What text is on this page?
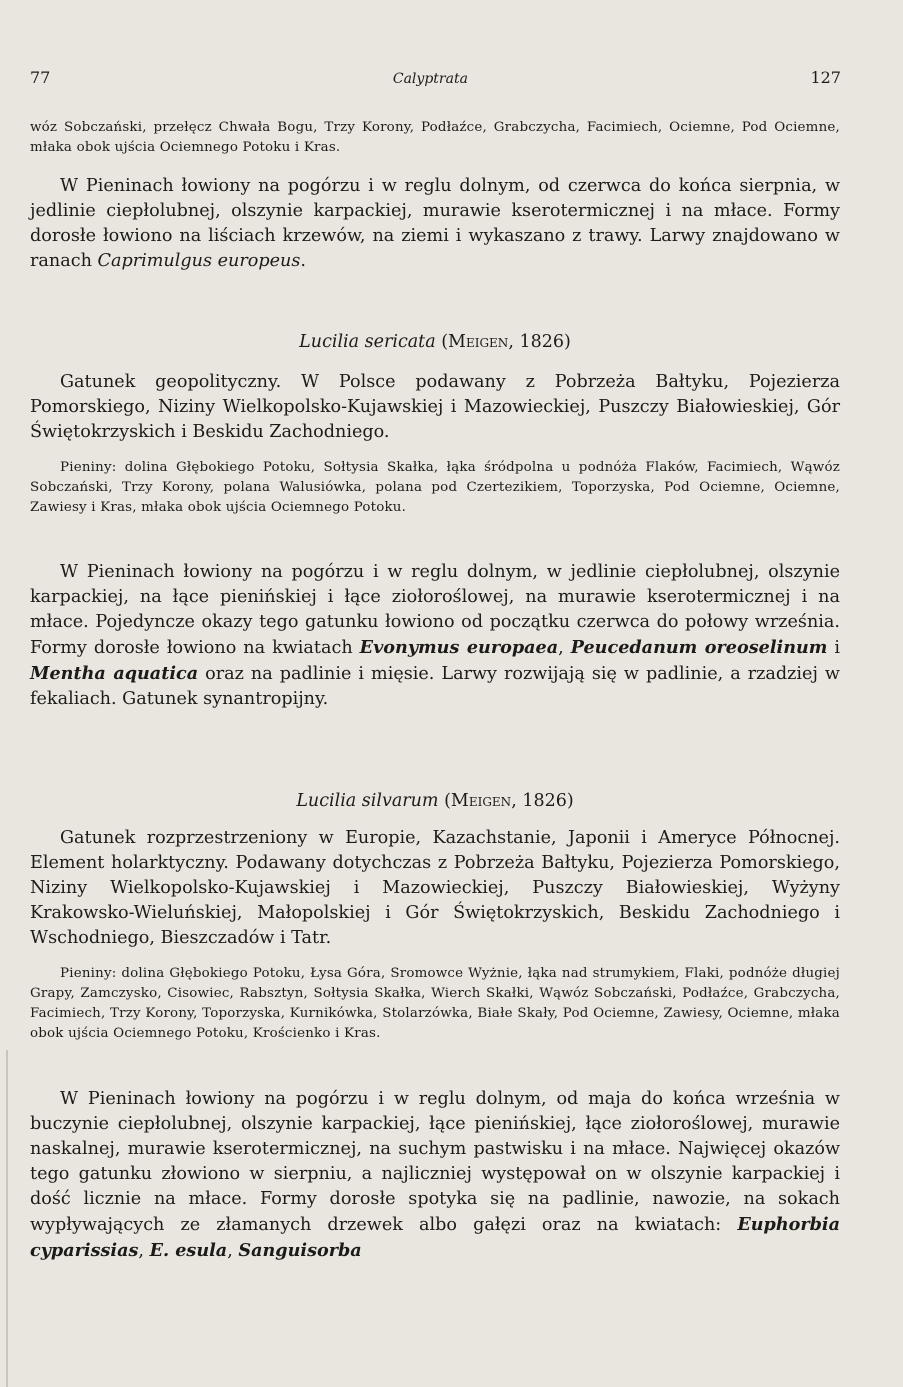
77	Calyptrata	127

wóz Sobczański, przełęcz Chwała Bogu, Trzy Korony, Podłaźce, Grabczycha, Facimiech, Ociemne, Pod Ociemne, młaka obok ujścia Ociemnego Potoku i Kras.

W Pieninach łowiony na pogórzu i w reglu dolnym, od czerwca do końca sierpnia, w jedlinie ciepłolubnej, olszynie karpackiej, murawie kserotermicznej i na młace. Formy dorosłe łowiono na liściach krzewów, na ziemi i wykaszano z trawy. Larwy znajdowano w ranach Caprimulgus europeus.

Lucilia sericata (Meigen, 1826)

Gatunek geopolityczny. W Polsce podawany z Pobrzeża Bałtyku, Pojezierza Pomorskiego, Niziny Wielkopolsko-Kujawskiej i Mazowieckiej, Puszczy Białowieskiej, Gór Świętokrzyskich i Beskidu Zachodniego.

Pieniny: dolina Głębokiego Potoku, Sołtysia Skałka, łąka śródpolna u podnóża Flaków, Facimiech, Wąwóz Sobczański, Trzy Korony, polana Walusiówka, polana pod Czertezikiem, Toporzyska, Pod Ociemne, Ociemne, Zawiesy i Kras, młaka obok ujścia Ociemnego Potoku.

W Pieninach łowiony na pogórzu i w reglu dolnym, w jedlinie ciepłolubnej, olszynie karpackiej, na łące pienińskiej i łące ziołoroślowej, na murawie kserotermicznej i na młace. Pojedyncze okazy tego gatunku łowiono od początku czerwca do połowy września. Formy dorosłe łowiono na kwiatach Evonymus europaea, Peucedanum oreoselinum i Mentha aquatica oraz na padlinie i mięsie. Larwy rozwijają się w padlinie, a rzadziej w fekaliach. Gatunek synantropijny.

Lucilia silvarum (Meigen, 1826)

Gatunek rozprzestrzeniony w Europie, Kazachstanie, Japonii i Ameryce Północnej. Element holarktyczny. Podawany dotychczas z Pobrzeża Bałtyku, Pojezierza Pomorskiego, Niziny Wielkopolsko-Kujawskiej i Mazowieckiej, Puszczy Białowieskiej, Wyżyny Krakowsko-Wieluńskiej, Małopolskiej i Gór Świętokrzyskich, Beskidu Zachodniego i Wschodniego, Bieszczadów i Tatr.

Pieniny: dolina Głębokiego Potoku, Łysa Góra, Sromowce Wyżnie, łąka nad strumykiem, Flaki, podnóże długiej Grapy, Zamczysko, Cisowiec, Rabsztyn, Sołtysia Skałka, Wierch Skałki, Wąwóz Sobczański, Podłaźce, Grabczycha, Facimiech, Trzy Korony, Toporzyska, Kurnikówka, Stolarzówka, Białe Skały, Pod Ociemne, Zawiesy, Ociemne, młaka obok ujścia Ociemnego Potoku, Krościenko i Kras.

W Pieninach łowiony na pogórzu i w reglu dolnym, od maja do końca września w buczynie ciepłolubnej, olszynie karpackiej, łące pienińskiej, łące ziołoroślowej, murawie naskalnej, murawie kserotermicznej, na suchym pastwisku i na młace. Najwięcej okazów tego gatunku złowiono w sierpniu, a najliczniej występował on w olszynie karpackiej i dość licznie na młace. Formy dorosłe spotyka się na padlinie, nawozie, na sokach wypływających ze złamanych drzewek albo gałęzi oraz na kwiatach: Euphorbia cyparissias, E. esula, Sanguisorba
